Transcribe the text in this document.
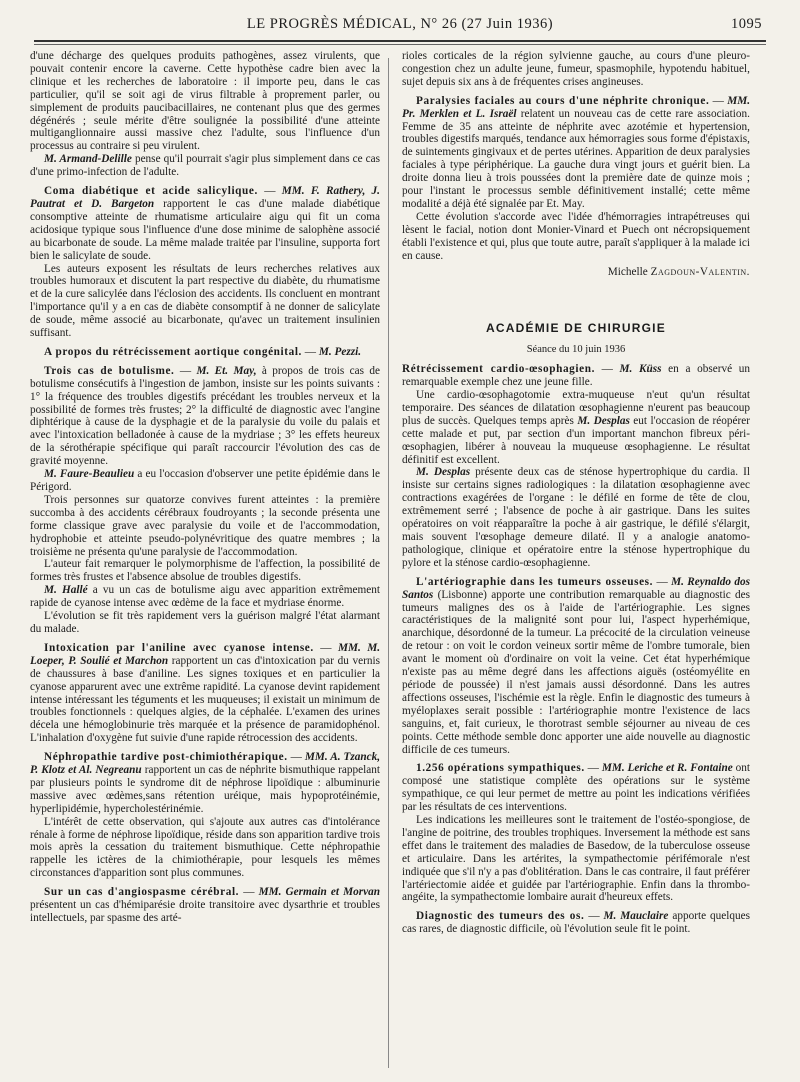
LE PROGRÈS MÉDICAL, N° 26 (27 Juin 1936)	1095

d'une décharge des quelques produits pathogènes, assez virulents, que pouvait contenir encore la caverne. Cette hypothèse cadre bien avec la clinique et les recherches de laboratoire : il importe peu, dans le cas particulier, qu'il se soit agi de virus filtrable à proprement parler, ou simplement de produits paucibacillaires, ne contenant plus que des germes dégénérés ; seule mérite d'être soulignée la possibilité d'une atteinte multiganglionnaire aussi massive chez l'adulte, sous l'influence d'un processus au contraire si peu virulent.

M. Armand-Delille pense qu'il pourrait s'agir plus simplement dans ce cas d'une primo-infection de l'adulte.

Coma diabétique et acide salicylique. — MM. F. Rathery, J. Pautrat et D. Bargeton rapportent le cas d'une malade diabétique consomptive atteinte de rhumatisme articulaire aigu qui fit un coma acidosique typique sous l'influence d'une dose minime de salophène associé au bicarbonate de soude. La même malade traitée par l'insuline, supporta fort bien le salicylate de soude.

Les auteurs exposent les résultats de leurs recherches relatives aux troubles humoraux et discutent la part respective du diabète, du rhumatisme et de la cure salicylée dans l'éclosion des accidents. Ils concluent en montrant l'importance qu'il y a en cas de diabète consomptif à ne donner de salicylate de soude, même associé au bicarbonate, qu'avec un traitement insulinien suffisant.

A propos du rétrécissement aortique congénital. — M. Pezzi.

Trois cas de botulisme. — M. Et. May, à propos de trois cas de botulisme consécutifs à l'ingestion de jambon, insiste sur les points suivants : 1° la fréquence des troubles digestifs précédant les troubles nerveux et la possibilité de formes très frustes; 2° la difficulté de diagnostic avec l'angine diphtérique à cause de la dysphagie et de la paralysie du voile du palais et avec l'intoxication belladonée à cause de la mydriase ; 3° les effets heureux de la sérothérapie spécifique qui paraît raccourcir l'évolution des cas de gravité moyenne.

M. Faure-Beaulieu a eu l'occasion d'observer une petite épidémie dans le Périgord.

Trois personnes sur quatorze convives furent atteintes : la première succomba à des accidents cérébraux foudroyants ; la seconde présenta une forme classique grave avec paralysie du voile et de l'accommodation, hydrophobie et atteinte pseudo-polynévritique des quatre membres ; la troisième ne présenta qu'une paralysie de l'accommodation.

L'auteur fait remarquer le polymorphisme de l'affection, la possibilité de formes très frustes et l'absence absolue de troubles digestifs.

M. Hallé a vu un cas de botulisme aigu avec apparition extrêmement rapide de cyanose intense avec œdème de la face et mydriase énorme.

L'évolution se fit très rapidement vers la guérison malgré l'état alarmant du malade.

Intoxication par l'aniline avec cyanose intense. — MM. M. Loeper, P. Soulié et Marchon rapportent un cas d'intoxication par du vernis de chaussures à base d'aniline. Les signes toxiques et en particulier la cyanose apparurent avec une extrême rapidité. La cyanose devint rapidement intense intéressant les téguments et les muqueuses; il existait un minimum de troubles fonctionnels : quelques algies, de la céphalée. L'examen des urines décela une hémoglobinurie très marquée et la présence de paramidophénol. L'inhalation d'oxygène fut suivie d'une rapide rétrocession des accidents.

Néphropathie tardive post-chimiothérapique. — MM. A. Tzanck, P. Klotz et Al. Negreanu rapportent un cas de néphrite bismuthique rappelant par plusieurs points le syndrome dit de néphrose lipoïdique : albuminurie massive avec œdèmes,sans rétention uréique, mais hypoprotéinémie, hyperlipidémie, hypercholestérinémie.

L'intérêt de cette observation, qui s'ajoute aux autres cas d'intolérance rénale à forme de néphrose lipoïdique, réside dans son apparition tardive trois mois après la cessation du traitement bismuthique. Cette néphropathie rappelle les ictères de la chimiothérapie, pour lesquels les mêmes circonstances d'apparition sont plus communes.

Sur un cas d'angiospasme cérébral. — MM. Germain et Morvan présentent un cas d'hémiparésie droite transitoire avec dysarthrie et troubles intellectuels, par spasme des arté-

rioles corticales de la région sylvienne gauche, au cours d'une pleuro-congestion chez un adulte jeune, fumeur, spasmophile, hypotendu habituel, sujet depuis six ans à de fréquentes crises angineuses.

Paralysies faciales au cours d'une néphrite chronique. — MM. Pr. Merklen et L. Israël relatent un nouveau cas de cette rare association. Femme de 35 ans atteinte de néphrite avec azotémie et hypertension, troubles digestifs marqués, tendance aux hémorragies sous forme d'épistaxis, de suintements gingivaux et de pertes utérines. Apparition de deux paralysies faciales à type périphérique. La gauche dura vingt jours et guérit bien. La droite donna lieu à trois poussées dont la première date de quinze mois ; pour l'instant le processus semble définitivement installé; cette même modalité a déjà été signalée par Et. May.

Cette évolution s'accorde avec l'idée d'hémorragies intrapétreuses qui lèsent le facial, notion dont Monier-Vinard et Puech ont nécropsiquement établi l'existence et qui, plus que toute autre, paraît s'appliquer à la malade ici en cause.

Michelle Zagdoun-Valentin.
ACADÉMIE DE CHIRURGIE
Séance du 10 juin 1936

Rétrécissement cardio-œsophagien. — M. Küss en a observé un remarquable exemple chez une jeune fille.

Une cardio-œsophagotomie extra-muqueuse n'eut qu'un résultat temporaire. Des séances de dilatation œsophagienne n'eurent pas beaucoup plus de succès. Quelques temps après M. Desplas eut l'occasion de réopérer cette malade et put, par section d'un important manchon fibreux péri-œsophagien, libérer à nouveau la muqueuse œsophagienne. Le résultat définitif est excellent.

M. Desplas présente deux cas de sténose hypertrophique du cardia. Il insiste sur certains signes radiologiques : la dilatation œsophagienne avec contractions exagérées de l'organe : le défilé en forme de tête de clou, extrêmement serré ; l'absence de poche à air gastrique. Dans les suites opératoires on voit réapparaître la poche à air gastrique, le défilé s'élargit, mais souvent l'œsophage demeure dilaté. Il y a analogie anatomo-pathologique, clinique et opératoire entre la sténose hypertrophique du pylore et la sténose cardio-œsophagienne.

L'artériographie dans les tumeurs osseuses. — M. Reynaldo dos Santos (Lisbonne) apporte une contribution remarquable au diagnostic des tumeurs malignes des os à l'aide de l'artériographie. Les signes caractéristiques de la malignité sont pour lui, l'aspect hyperhémique, anarchique, désordonné de la tumeur. La précocité de la circulation veineuse de retour : on voit le cordon veineux sortir même de l'ombre tumorale, bien avant le moment où d'ordinaire on voit la veine. Cet état hyperhémique n'existe pas au même degré dans les affections aiguës (ostéomyélite en période de poussée) il n'est jamais aussi désordonné. Dans les autres affections osseuses, l'ischémie est la règle. Enfin le diagnostic des tumeurs à myéloplaxes serait possible : l'artériographie montre l'existence de lacs sanguins, et, fait curieux, le thorotrast semble séjourner au niveau de ces points. Cette méthode semble donc apporter une aide nouvelle au diagnostic difficile de ces tumeurs.

1.256 opérations sympathiques. — MM. Leriche et R. Fontaine ont composé une statistique complète des opérations sur le système sympathique, ce qui leur permet de mettre au point les indications vérifiées par les résultats de ces interventions.

Les indications les meilleures sont le traitement de l'ostéo-spongiose, de l'angine de poitrine, des troubles trophiques. Inversement la méthode est sans effet dans le traitement des maladies de Basedow, de la tuberculose osseuse et articulaire. Dans les artérites, la sympathectomie périfémorale n'est indiquée que s'il n'y a pas d'oblitération. Dans le cas contraire, il faut préférer l'artériectomie aidée et guidée par l'artériographie. Enfin dans la thrombo-angéite, la sympathectomie lombaire aurait d'heureux effets.

Diagnostic des tumeurs des os. — M. Mauclaire apporte quelques cas rares, de diagnostic difficile, où l'évolution seule fit le point.
